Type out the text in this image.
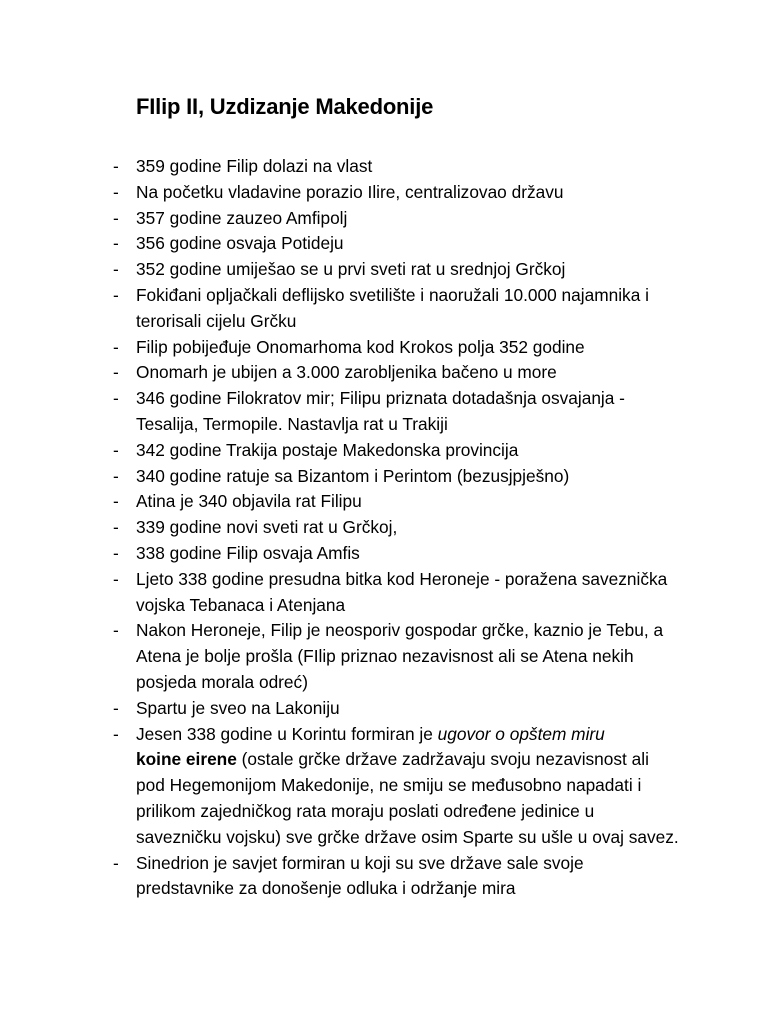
FIlip II, Uzdizanje Makedonije
- 359 godine Filip dolazi na vlast
- Na početku vladavine porazio Ilire, centralizovao državu
- 357 godine zauzeo Amfipolj
- 356 godine osvaja Potideju
- 352 godine umiješao se u prvi sveti rat u srednjoj Grčkoj
- Fokiđani opljačkali deflijsko svetilište i naoružali 10.000 najamnika i terorisali cijelu Grčku
- Filip pobijeđuje Onomarhoma kod Krokos polja 352 godine
- Onomarh je ubijen a 3.000 zarobljenika bačeno u more
- 346 godine Filokratov mir; Filipu priznata dotadašnja osvajanja - Tesalija, Termopile. Nastavlja rat u Trakiji
- 342 godine Trakija postaje Makedonska provincija
- 340 godine ratuje sa Bizantom i Perintom (bezusjpješno)
- Atina je 340 objavila rat Filipu
- 339 godine novi sveti rat u Grčkoj,
- 338 godine Filip osvaja Amfis
- Ljeto 338 godine presudna bitka kod Heroneje - poražena saveznička vojska Tebanaca i Atenjana
- Nakon Heroneje, Filip je neosporiv gospodar grčke, kaznio je Tebu, a Atena je bolje prošla (FIlip priznao nezavisnost ali se Atena nekih posjeda morala odreć)
- Spartu je sveo na Lakoniju
- Jesen 338 godine u Korintu formiran je ugovor o opštem miru
koine eirene (ostale grčke države zadržavaju svoju nezavisnost ali pod Hegemonijom Makedonije, ne smiju se međusobno napadati i prilikom zajedničkog rata moraju poslati određene jedinice u savezničku vojsku) sve grčke države osim Sparte su ušle u ovaj savez.
- Sinedrion je savjet formiran u koji su sve države sale svoje predstavnike za donošenje odluka i održanje mira
